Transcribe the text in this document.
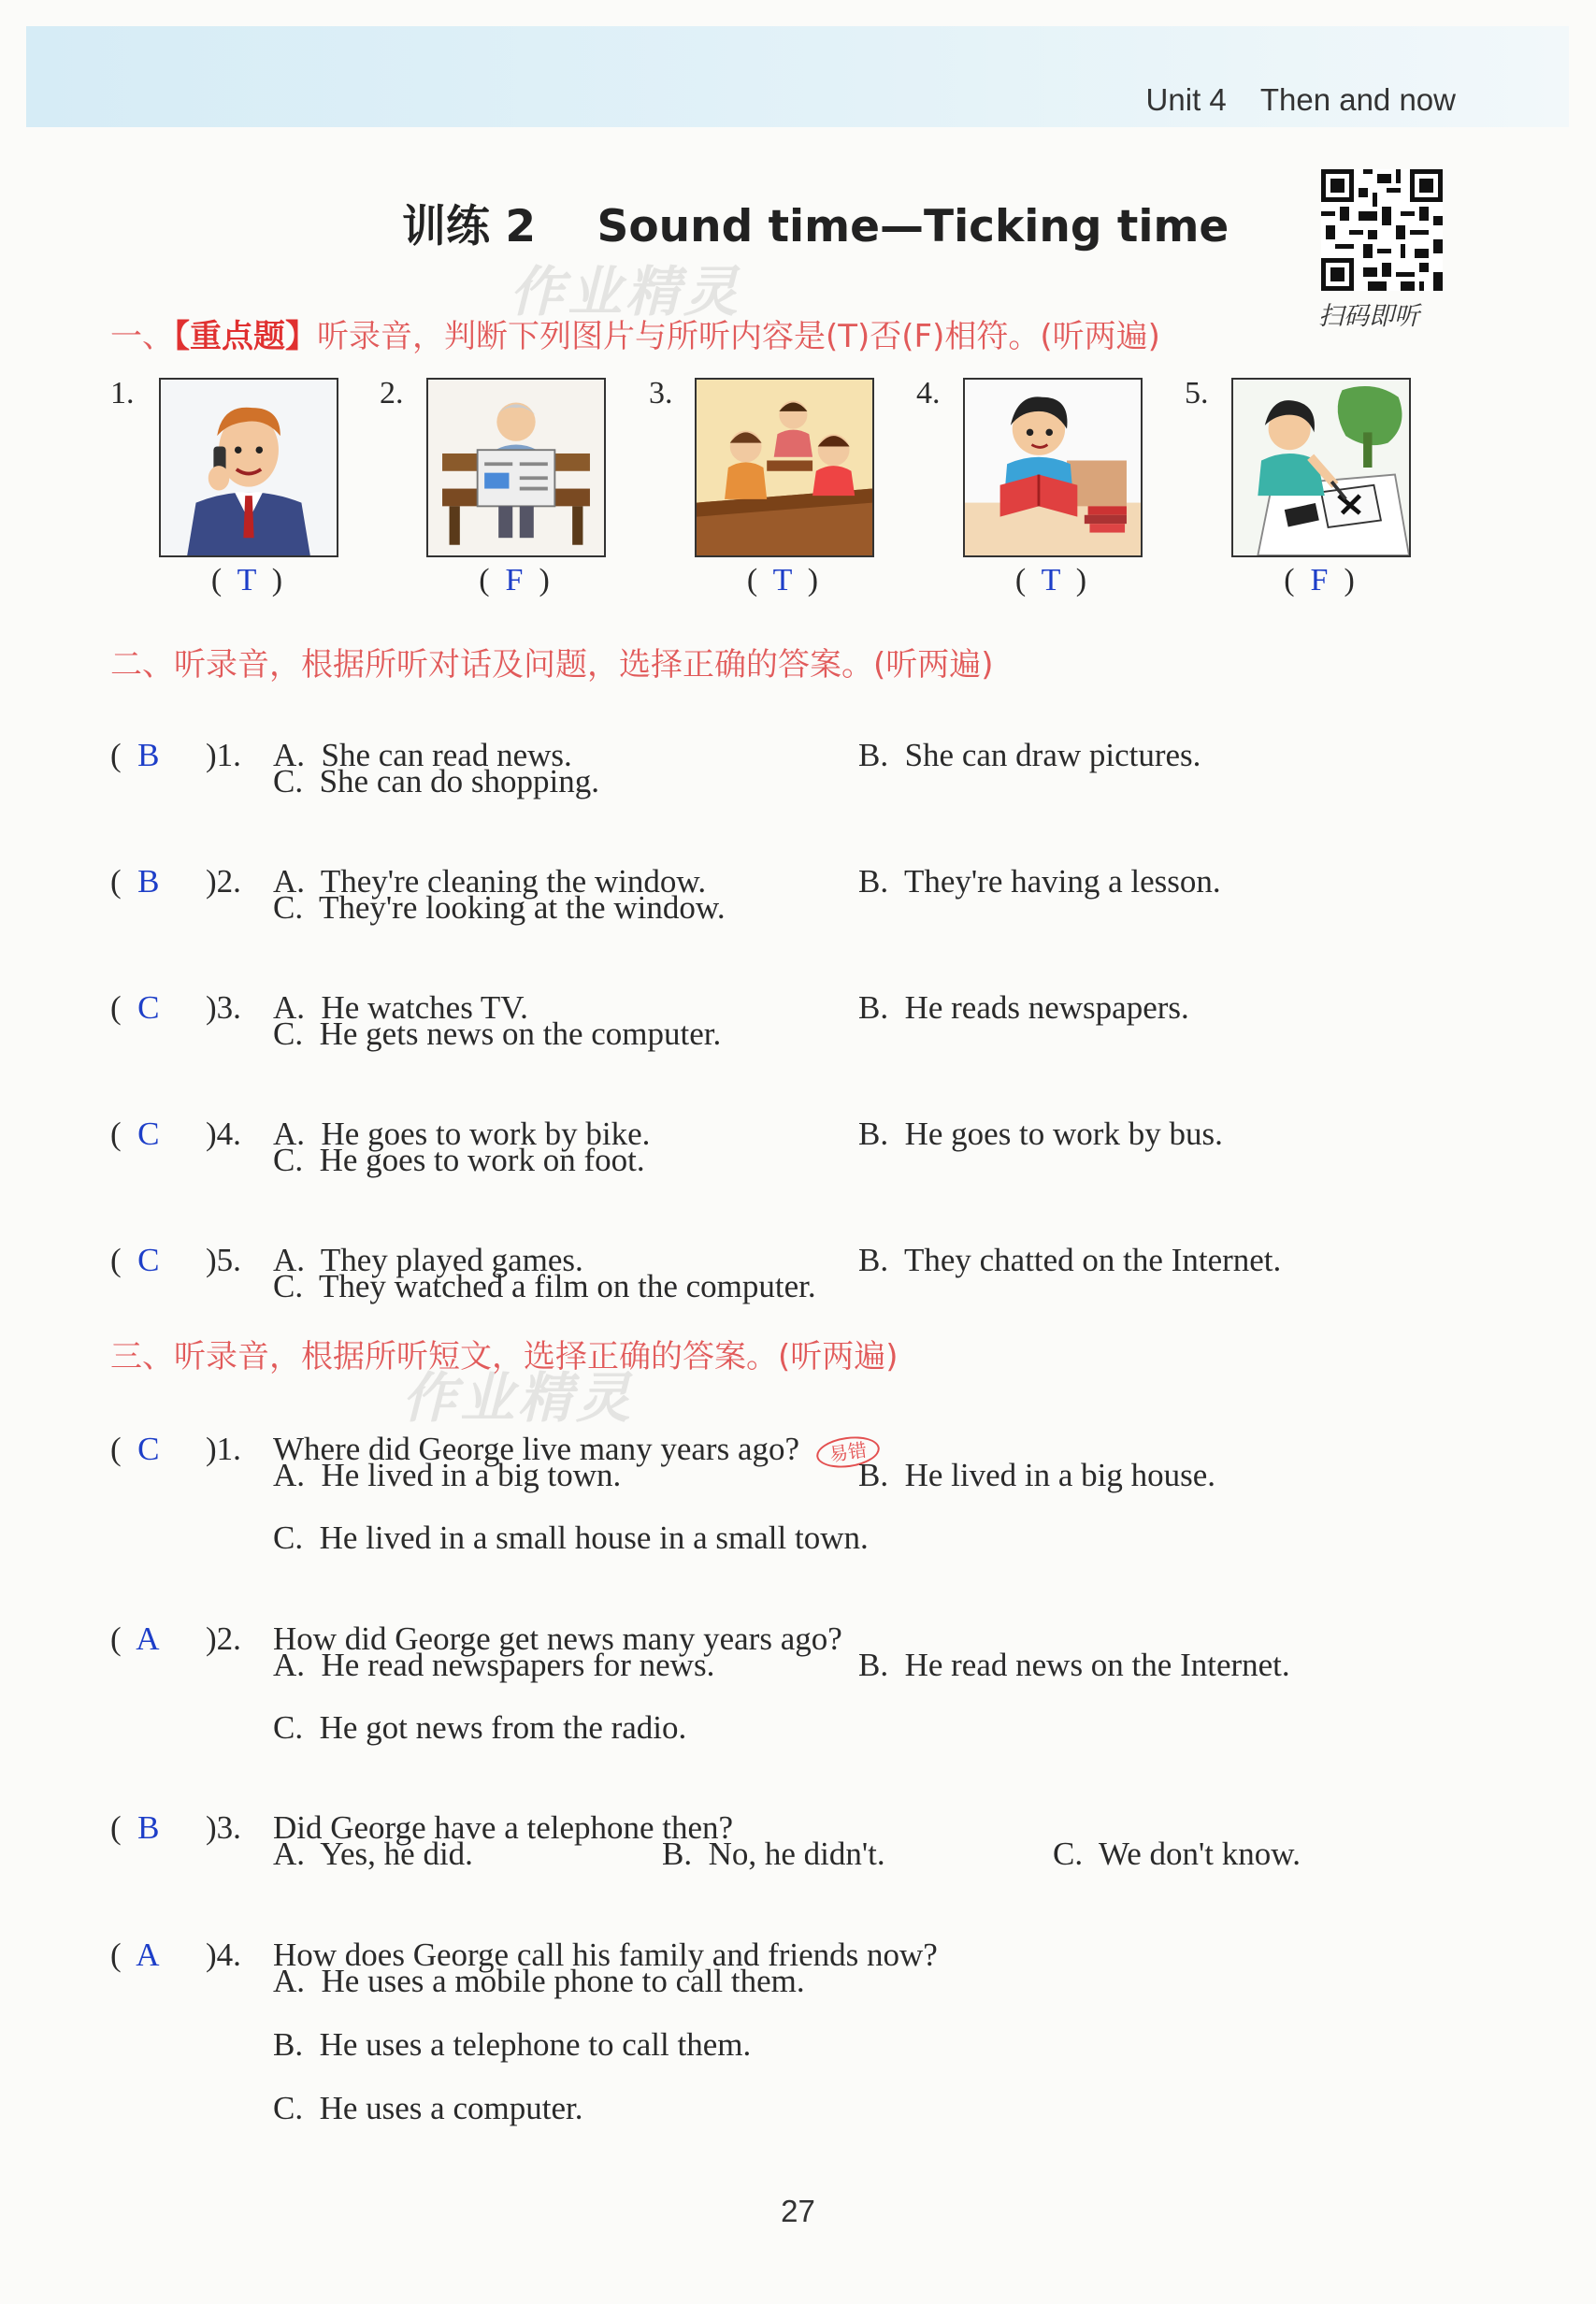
Unit 4 Then and now
训练 2    Sound time—Ticking time
扫码即听
作业精灵
作业精灵
一、【重点题】听录音，判断下列图片与所听内容是(T)否(F)相符。(听两遍)
1.
(  T  )
2.
(  F  )
3.
(  T  )
4.
(  T  )
5.
(  F  )
二、听录音，根据所听对话及问题，选择正确的答案。(听两遍)

(  B	)1. A.  She can read news.	B.  She can draw pictures.

C.  She can do shopping.

(  B	)2. A.  They're cleaning the window.	B.  They're having a lesson.

C.  They're looking at the window.

(  C	)3. A.  He watches TV.	B.  He reads newspapers.

C.  He gets news on the computer.

(  C	)4. A.  He goes to work by bike.	B.  He goes to work by bus.

C.  He goes to work on foot.

(  C	)5. A.  They played games.	B.  They chatted on the Internet.

C.  They watched a film on the computer.
三、听录音，根据所听短文，选择正确的答案。(听两遍)

(  C	)1. Where did George live many years ago? 易错

A.  He lived in a big town.	B.  He lived in a big house.
C.  He lived in a small house in a small town.

(  A	)2. How did George get news many years ago?

A.  He read newspapers for news.	B.  He read news on the Internet.
C.  He got news from the radio.

(  B	)3. Did George have a telephone then?

A.  Yes, he did.	B.  No, he didn't.	C.  We don't know.

(  A	)4. How does George call his family and friends now?

A.  He uses a mobile phone to call them.
B.  He uses a telephone to call them.
C.  He uses a computer.
27
